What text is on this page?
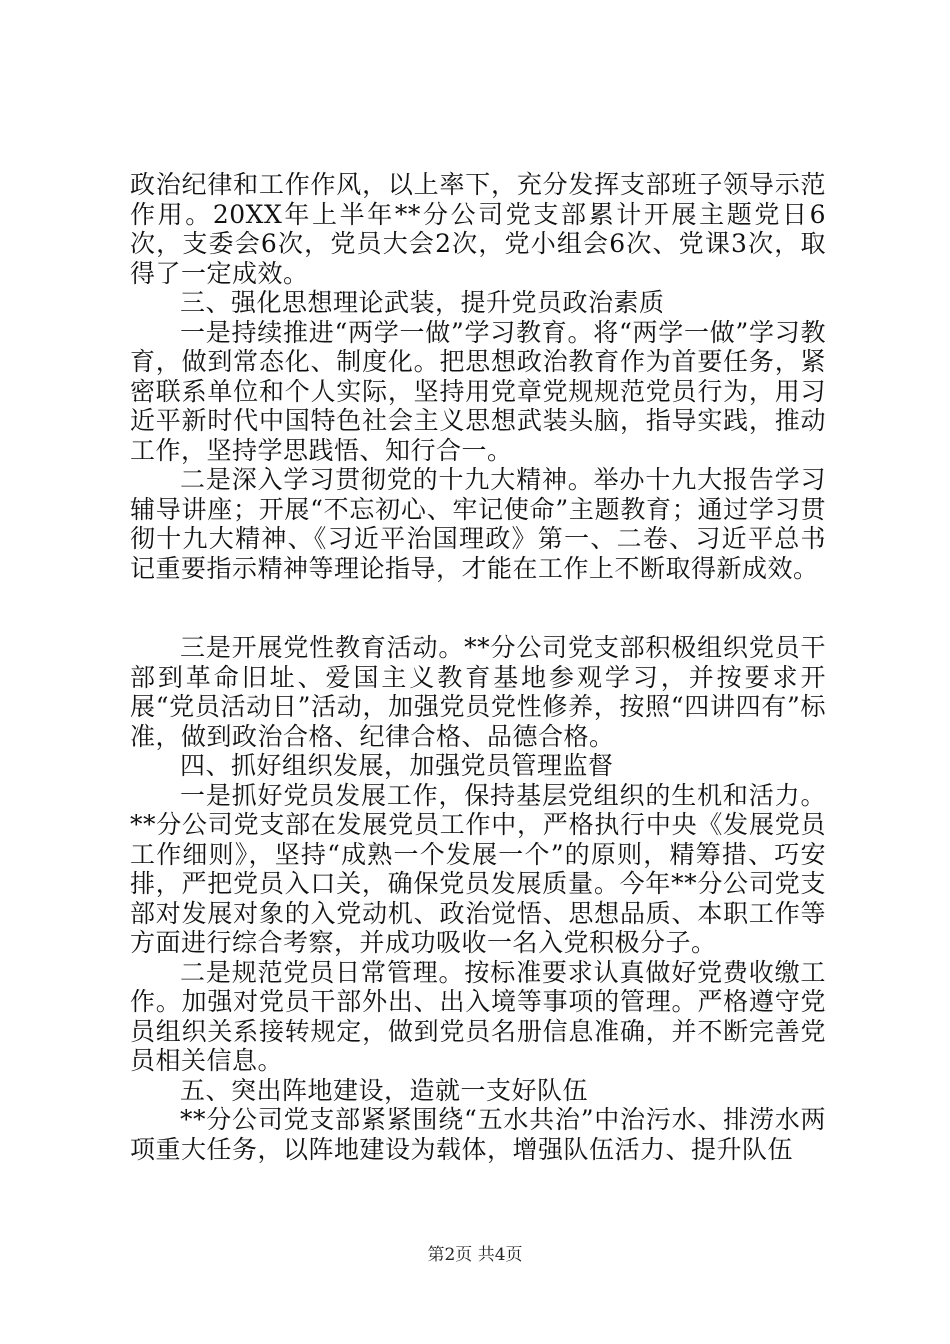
政治纪律和工作作风，以上率下，充分发挥支部班子领导示范作用。20XX年上半年**分公司党支部累计开展主题党日6次，支委会6次，党员大会2次，党小组会6次、党课3次，取得了一定成效。

三、强化思想理论武装，提升党员政治素质

一是持续推进“两学一做”学习教育。将“两学一做”学习教育，做到常态化、制度化。把思想政治教育作为首要任务，紧密联系单位和个人实际，坚持用党章党规规范党员行为，用习近平新时代中国特色社会主义思想武装头脑，指导实践，推动工作，坚持学思践悟、知行合一。

二是深入学习贯彻党的十九大精神。举办十九大报告学习辅导讲座；开展“不忘初心、牢记使命”主题教育；通过学习贯彻十九大精神、《习近平治国理政》第一、二卷、习近平总书记重要指示精神等理论指导，才能在工作上不断取得新成效。

三是开展党性教育活动。**分公司党支部积极组织党员干部到革命旧址、爱国主义教育基地参观学习，并按要求开展“党员活动日”活动，加强党员党性修养，按照“四讲四有”标准，做到政治合格、纪律合格、品德合格。

四、抓好组织发展，加强党员管理监督

一是抓好党员发展工作，保持基层党组织的生机和活力。**分公司党支部在发展党员工作中，严格执行中央《发展党员工作细则》，坚持“成熟一个发展一个”的原则，精筹措、巧安排，严把党员入口关，确保党员发展质量。今年**分公司党支部对发展对象的入党动机、政治觉悟、思想品质、本职工作等方面进行综合考察，并成功吸收一名入党积极分子。

二是规范党员日常管理。按标准要求认真做好党费收缴工作。加强对党员干部外出、出入境等事项的管理。严格遵守党员组织关系接转规定，做到党员名册信息准确，并不断完善党员相关信息。

五、突出阵地建设，造就一支好队伍

**分公司党支部紧紧围绕“五水共治”中治污水、排涝水两项重大任务，以阵地建设为载体，增强队伍活力、提升队伍

第2页 共4页
